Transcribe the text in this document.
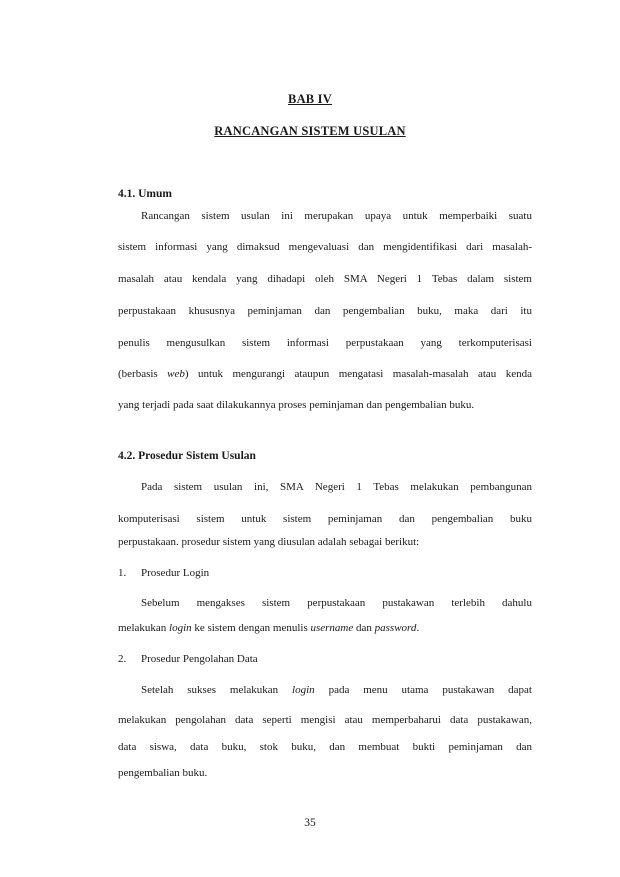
BAB IV
RANCANGAN SISTEM USULAN
4.1. Umum
Rancangan sistem usulan ini merupakan upaya untuk memperbaiki suatu
sistem informasi yang dimaksud mengevaluasi dan mengidentifikasi dari masalah-
masalah atau kendala yang dihadapi oleh SMA Negeri 1 Tebas dalam sistem
perpustakaan khususnya peminjaman dan pengembalian buku, maka dari itu
penulis mengusulkan sistem informasi perpustakaan yang terkomputerisasi
(berbasis web) untuk mengurangi ataupun mengatasi masalah-masalah atau kenda
yang terjadi pada saat dilakukannya proses peminjaman dan pengembalian buku.
4.2. Prosedur Sistem Usulan
Pada sistem usulan ini, SMA Negeri 1 Tebas melakukan pembangunan
komputerisasi sistem untuk sistem peminjaman dan pengembalian buku
perpustakaan. prosedur sistem yang diusulan adalah sebagai berikut:
1. Prosedur Login
Sebelum mengakses sistem perpustakaan pustakawan terlebih dahulu
melakukan login ke sistem dengan menulis username dan password.
2. Prosedur Pengolahan Data
Setelah sukses melakukan login pada menu utama pustakawan dapat
melakukan pengolahan data seperti mengisi atau memperbaharui data pustakawan,
data siswa, data buku, stok buku, dan membuat bukti peminjaman dan
pengembalian buku.
35
